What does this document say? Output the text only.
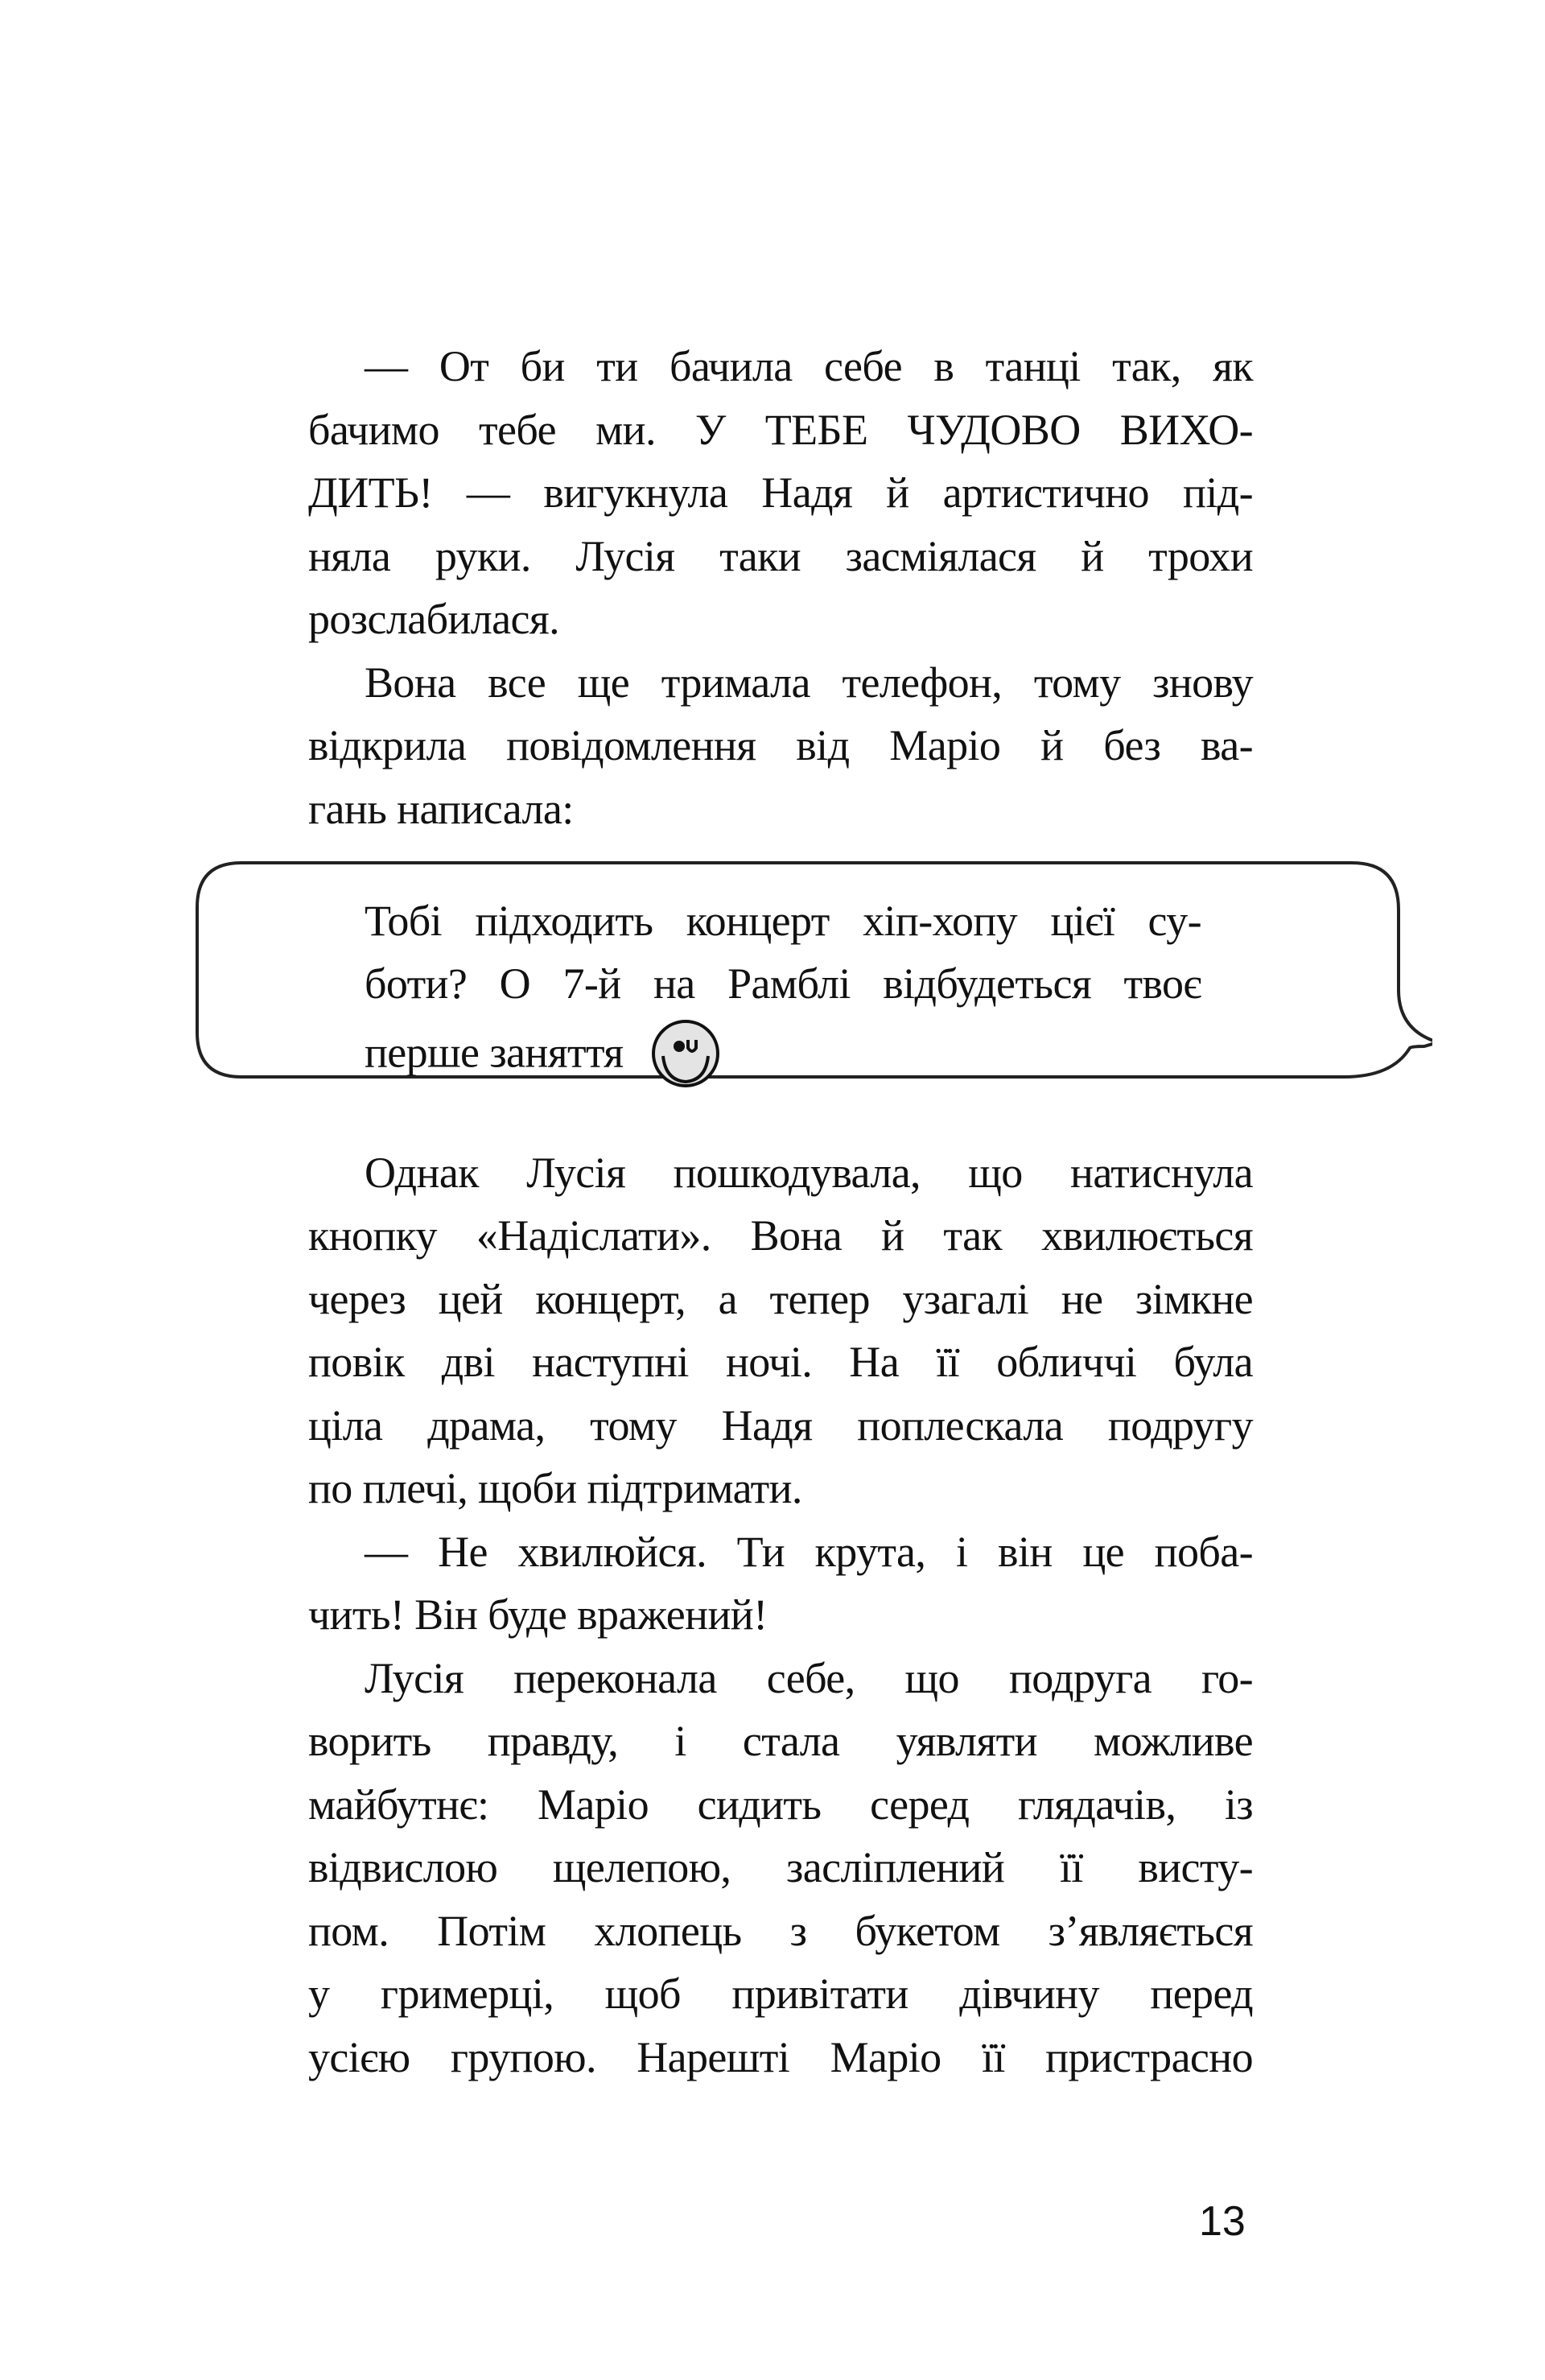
— От би ти бачила себе в танці так, як
бачимо тебе ми. У ТЕБЕ ЧУДОВО ВИХО-
ДИТЬ! — вигукнула Надя й артистично під-
няла руки. Лусія таки засміялася й трохи
розслабилася.
Вона все ще тримала телефон, тому знову
відкрила повідомлення від Маріо й без ва-
гань написала:
Тобі підходить концерт хіп-хопу цієї су-
боти? О 7-й на Рамблі відбудеться твоє
перше заняття
Однак Лусія пошкодувала, що натиснула
кнопку «Надіслати». Вона й так хвилюється
через цей концерт, а тепер узагалі не зімкне
повік дві наступні ночі. На її обличчі була
ціла драма, тому Надя поплескала подругу
по плечі, щоби підтримати.
— Не хвилюйся. Ти крута, і він це поба-
чить! Він буде вражений!
Лусія переконала себе, що подруга го-
ворить правду, і стала уявляти можливе
майбутнє: Маріо сидить серед глядачів, із
відвислою щелепою, засліплений її висту-
пом. Потім хлопець з букетом з’являється
у гримерці, щоб привітати дівчину перед
усією групою. Нарешті Маріо її пристрасно
13
